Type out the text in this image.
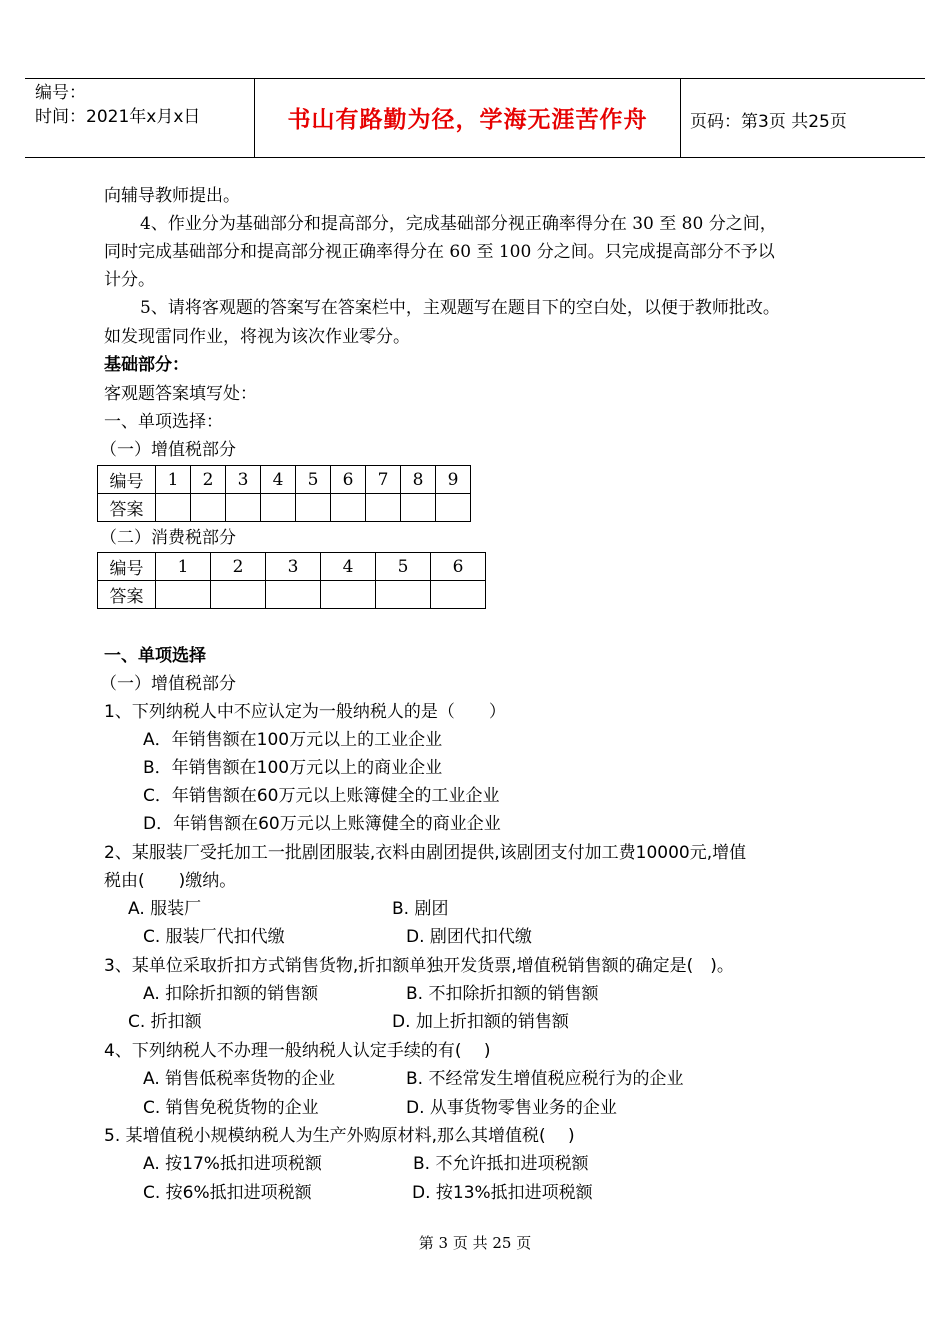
编号：
时间：2021年x月x日	书山有路勤为径，学海无涯苦作舟	页码：第3页 共25页
向辅导教师提出。
4、作业分为基础部分和提高部分，完成基础部分视正确率得分在 30 至 80 分之间，
同时完成基础部分和提高部分视正确率得分在 60 至 100 分之间。只完成提高部分不予以
计分。
5、请将客观题的答案写在答案栏中，主观题写在题目下的空白处，以便于教师批改。
如发现雷同作业，将视为该次作业零分。
基础部分：
客观题答案填写处：
一、单项选择：
（一）增值税部分
编号	1	2	3	4	5	6	7	8	9
答案									
（二）消费税部分
编号	1	2	3	4	5	6
答案						
一、单项选择
（一）增值税部分
1、下列纳税人中不应认定为一般纳税人的是（　　）
A．年销售额在100万元以上的工业企业
B．年销售额在100万元以上的商业企业
C．年销售额在60万元以上账簿健全的工业企业
D．年销售额在60万元以上账簿健全的商业企业
2、某服装厂受托加工一批剧团服装,衣料由剧团提供,该剧团支付加工费10000元,增值
税由(　　)缴纳。
A. 服装厂	B. 剧团
C. 服装厂代扣代缴	D. 剧团代扣代缴
3、某单位采取折扣方式销售货物,折扣额单独开发货票,增值税销售额的确定是(　)。
A. 扣除折扣额的销售额	B. 不扣除折扣额的销售额
C. 折扣额	D. 加上折扣额的销售额
4、下列纳税人不办理一般纳税人认定手续的有(　 )
A. 销售低税率货物的企业	B. 不经常发生增值税应税行为的企业
C. 销售免税货物的企业	D. 从事货物零售业务的企业
5. 某增值税小规模纳税人为生产外购原材料,那么其增值税(　 )
A. 按17%抵扣进项税额	B. 不允许抵扣进项税额
C. 按6%抵扣进项税额	D. 按13%抵扣进项税额
第 3 页 共 25 页
